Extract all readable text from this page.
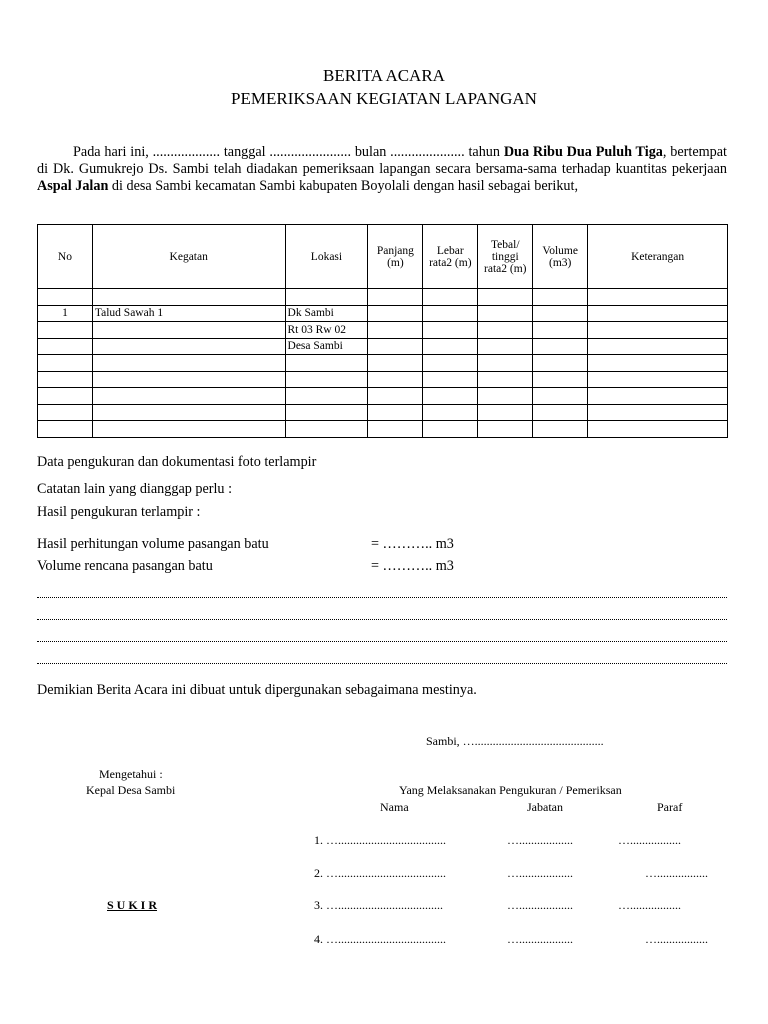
BERITA ACARA
PEMERIKSAAN KEGIATAN LAPANGAN

Pada hari ini, ................... tanggal ....................... bulan ..................... tahun Dua Ribu Dua Puluh Tiga, bertempat di Dk. Gumukrejo Ds. Sambi telah diadakan pemeriksaan lapangan secara bersama-sama terhadap kuantitas pekerjaan Aspal Jalan di desa Sambi kecamatan Sambi kabupaten Boyolali dengan hasil sebagai berikut,

No	Kegatan	Lokasi	Panjang (m)	Lebar rata2 (m)	Tebal/ tinggi rata2 (m)	Volume (m3)	Keterangan

1	Talud Sawah 1	Dk Sambi					
		Rt 03 Rw 02					
		Desa Sambi					

Data pengukuran dan dokumentasi foto terlampir
Catatan lain yang dianggap perlu :
Hasil pengukuran terlampir :
Hasil perhitungan volume pasangan batu	= ……….. m3
Volume rencana pasangan batu	= ……….. m3
Demikian Berita Acara ini dibuat untuk dipergunakan sebagaimana mestinya.
Sambi, …...........................................
Mengetahui :
Kepal Desa Sambi
S U K I R
Yang Melaksanakan Pengukuran / Pemeriksan
Nama	Jabatan	Paraf
1. …....................................	…..................	….................
2. …....................................	…..................	….................
3. …...................................	…..................	….................
4. …....................................	…..................	….................
